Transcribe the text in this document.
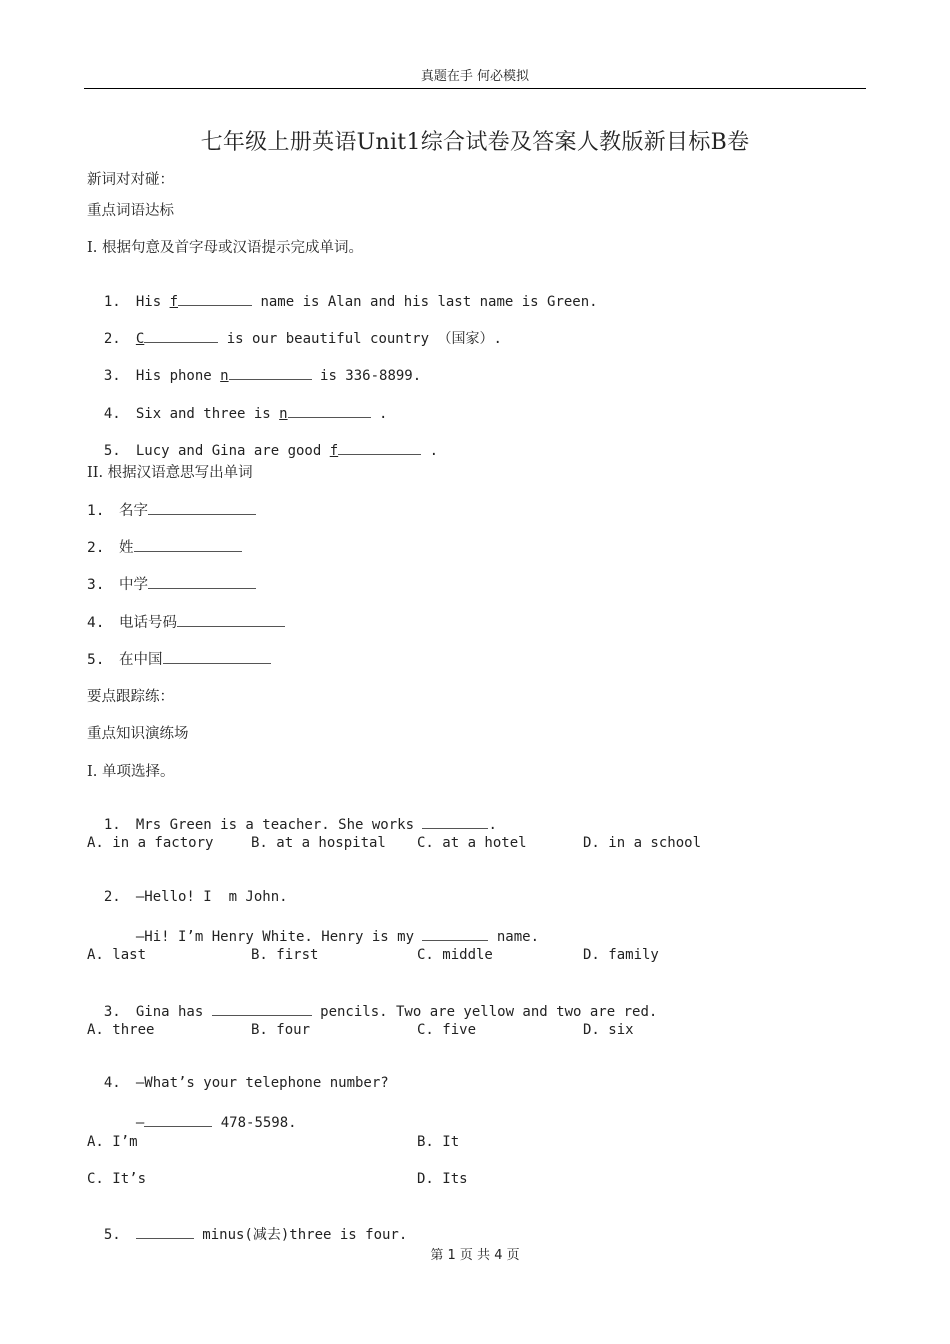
真题在手 何必模拟
七年级上册英语Unit1综合试卷及答案人教版新目标B卷
新词对对碰：
重点词语达标
I. 根据句意及首字母或汉语提示完成单词。

1. His f	name is Alan and his last name is Green.

2. C	is our beautiful country （国家）.

3. His phone n	is 336-8899.

4. Six and three is n	.

5. Lucy and Gina are good f	.

II. 根据汉语意思写出单词
1. 名字
2. 姓
3. 中学
4. 电话号码
5. 在中国
要点跟踪练：
重点知识演练场
I. 单项选择。

1. Mrs Green is a teacher. She works	.

A. in a factory	B. at a hospital C. at a hotel	D. in a school

2. —Hello! I  m John.

—Hi! I’m Henry White. Henry is my	name.

A. last	B. first	C. middle	D. family

3. Gina has	pencils. Two are yellow and two are red.

A. three	B. four	C. five	D. six

4. —What’s your telephone number?

—	478-5598.

A. I’m	B. It
C. It’s	D. Its

5.	minus(减去)three is four.

第 1 页 共 4 页
